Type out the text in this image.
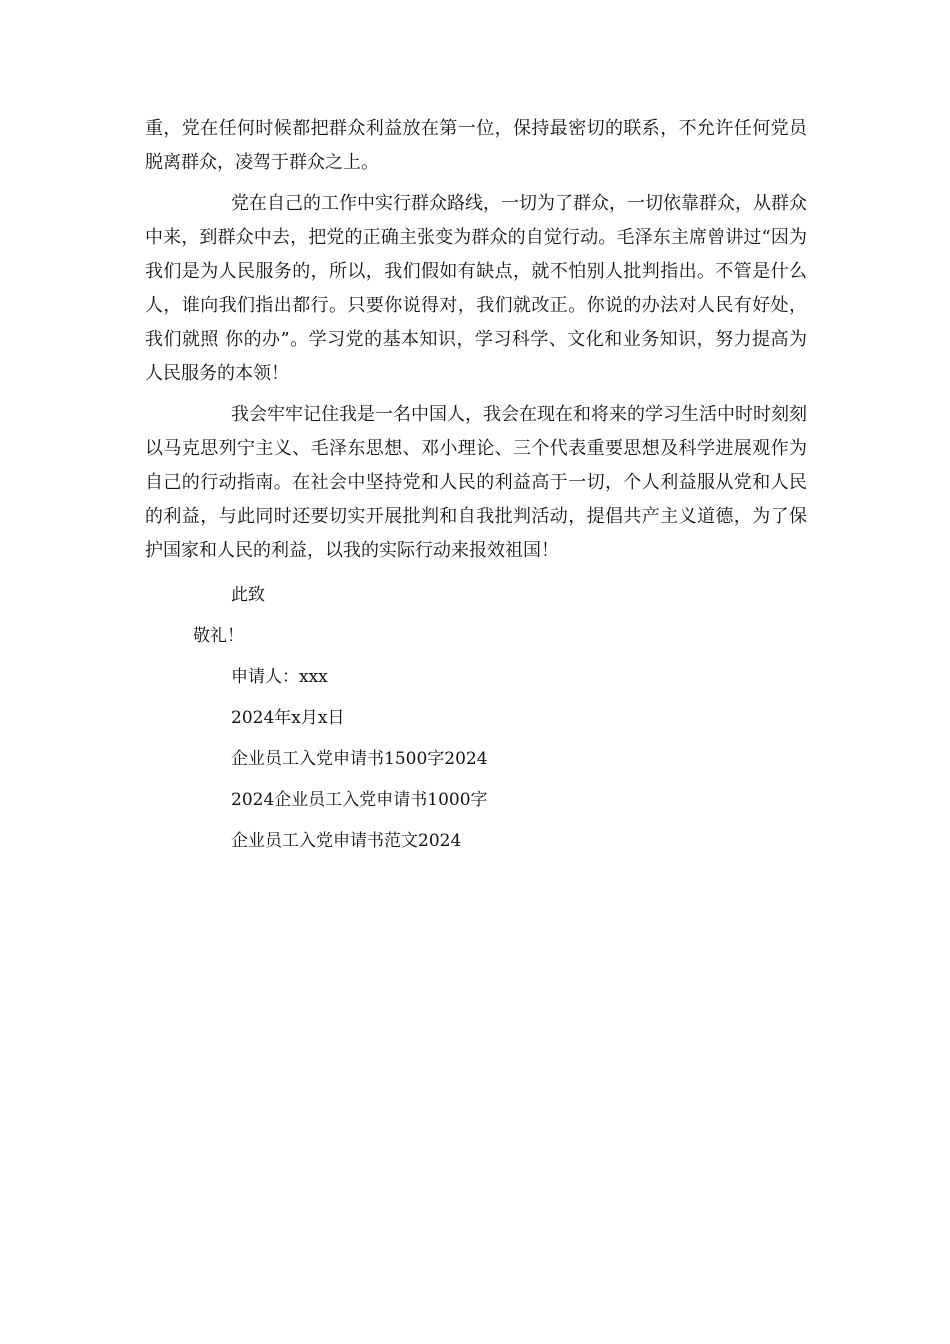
重，党在任何时候都把群众利益放在第一位，保持最密切的联系，不允许任何党员脱离群众，凌驾于群众之上。

党在自己的工作中实行群众路线，一切为了群众，一切依靠群众，从群众中来，到群众中去，把党的正确主张变为群众的自觉行动。毛泽东主席曾讲过“因为我们是为人民服务的，所以，我们假如有缺点，就不怕别人批判指出。不管是什么人，谁向我们指出都行。只要你说得对，我们就改正。你说的办法对人民有好处，我们就照 你的办”。学习党的基本知识，学习科学、文化和业务知识，努力提高为人民服务的本领！

我会牢牢记住我是一名中国人，我会在现在和将来的学习生活中时时刻刻以马克思列宁主义、毛泽东思想、邓小理论、三个代表重要思想及科学进展观作为自己的行动指南。在社会中坚持党和人民的利益高于一切，个人利益服从党和人民的利益，与此同时还要切实开展批判和自我批判活动，提倡共产主义道德，为了保护国家和人民的利益，以我的实际行动来报效祖国！

此致

敬礼！

申请人：xxx

2024年x月x日

企业员工入党申请书1500字2024

2024企业员工入党申请书1000字

企业员工入党申请书范文2024
